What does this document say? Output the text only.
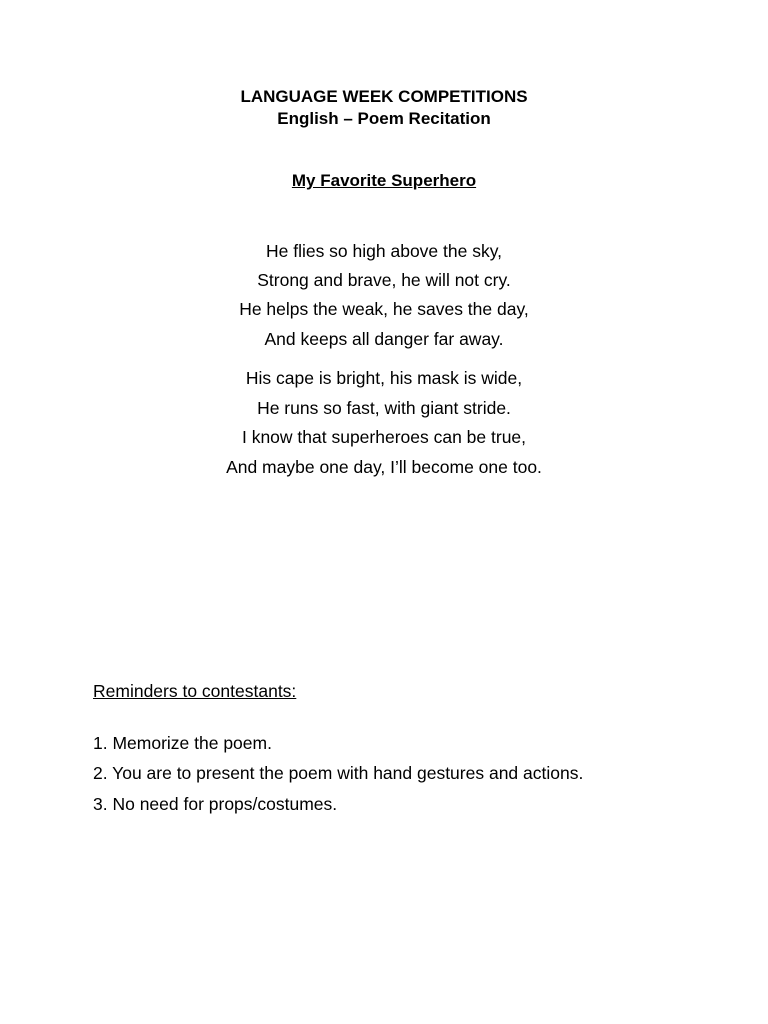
LANGUAGE WEEK COMPETITIONS
English – Poem Recitation
My Favorite Superhero
He flies so high above the sky,
Strong and brave, he will not cry.
He helps the weak, he saves the day,
And keeps all danger far away.
His cape is bright, his mask is wide,
He runs so fast, with giant stride.
I know that superheroes can be true,
And maybe one day, I’ll become one too.
Reminders to contestants:
1. Memorize the poem.
2. You are to present the poem with hand gestures and actions.
3. No need for props/costumes.
